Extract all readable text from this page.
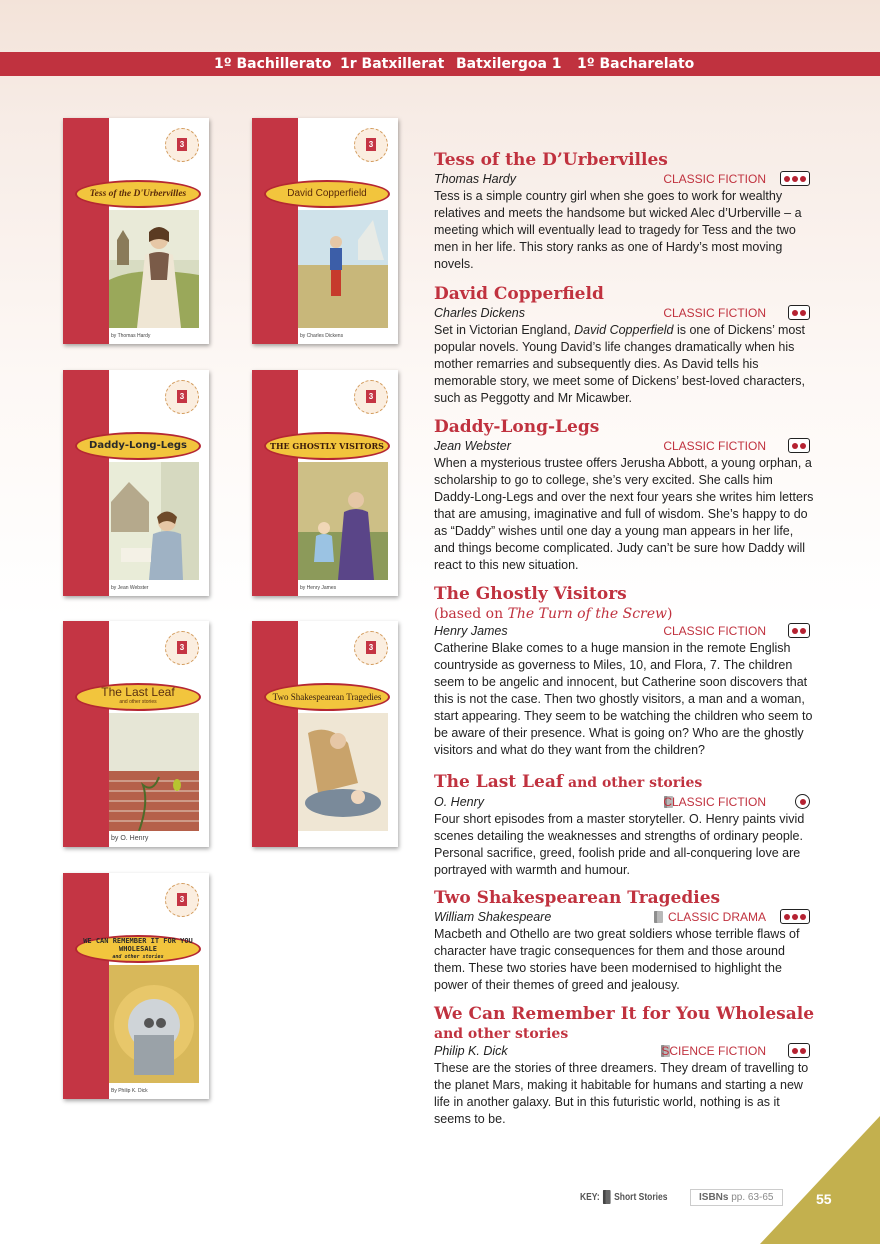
1º Bachillerato 1r Batxillerat Batxilergoa 1 1º Bacharelato
3
Tess of the D'Urbervilles
by Thomas Hardy
3
David Copperfield
by Charles Dickens
3
Daddy-Long-Legs
by Jean Webster
3
THE GHOSTLY VISITORS
by Henry James
3
The Last Leaf
and other stories
by O. Henry
3
Two Shakespearean Tragedies
3
WE CAN REMEMBER IT FOR YOU WHOLESALE
and other stories
By Philip K. Dick
Tess of the D’Urbervilles
Thomas Hardy	CLASSIC FICTION

Tess is a simple country girl when she goes to work for wealthy relatives and meets the handsome but wicked Alec d’Urberville – a meeting which will eventually lead to tragedy for Tess and the two men in her life. This story ranks as one of Hardy’s most moving novels.

David Copperfield
Charles Dickens	CLASSIC FICTION

Set in Victorian England, David Copperfield is one of Dickens’ most popular novels. Young David’s life changes dramatically when his mother remarries and subsequently dies. As David tells his memorable story, we meet some of Dickens’ best-loved characters, such as Peggotty and Mr Micawber.

Daddy-Long-Legs
Jean Webster	CLASSIC FICTION

When a mysterious trustee offers Jerusha Abbott, a young orphan, a scholarship to go to college, she’s very excited. She calls him Daddy-Long-Legs and over the next four years she writes him letters that are amusing, imaginative and full of wisdom. She’s happy to do as “Daddy” wishes until one day a young man appears in her life, and things become complicated. Judy can’t be sure how Daddy will react to this new situation.

The Ghostly Visitors
(based on The Turn of the Screw)
Henry James	CLASSIC FICTION

Catherine Blake comes to a huge mansion in the remote English countryside as governess to Miles, 10, and Flora, 7. The children seem to be angelic and innocent, but Catherine soon discovers that this is not the case. Then two ghostly visitors, a man and a woman, start appearing. They seem to be watching the children who seem to be aware of their presence. What is going on? Who are the ghostly visitors and what do they want from the children?

The Last Leaf and other stories
O. Henry	CLASSIC FICTION

Four short episodes from a master storyteller. O. Henry paints vivid scenes detailing the weaknesses and strengths of ordinary people. Personal sacrifice, greed, foolish pride and all-conquering love are portrayed with warmth and humour.

Two Shakespearean Tragedies
William Shakespeare	CLASSIC DRAMA

Macbeth and Othello are two great soldiers whose terrible flaws of character have tragic consequences for them and those around them. These two stories have been modernised to highlight the power of their themes of greed and jealousy.

We Can Remember It for You Wholesale
and other stories
Philip K. Dick	SCIENCE FICTION

These are the stories of three dreamers. They dream of travelling to the planet Mars, making it habitable for humans and starting a new life in another galaxy. But in this futuristic world, nothing is as it seems to be.

KEY: Short Stories	ISBNs pp. 63-65	55
